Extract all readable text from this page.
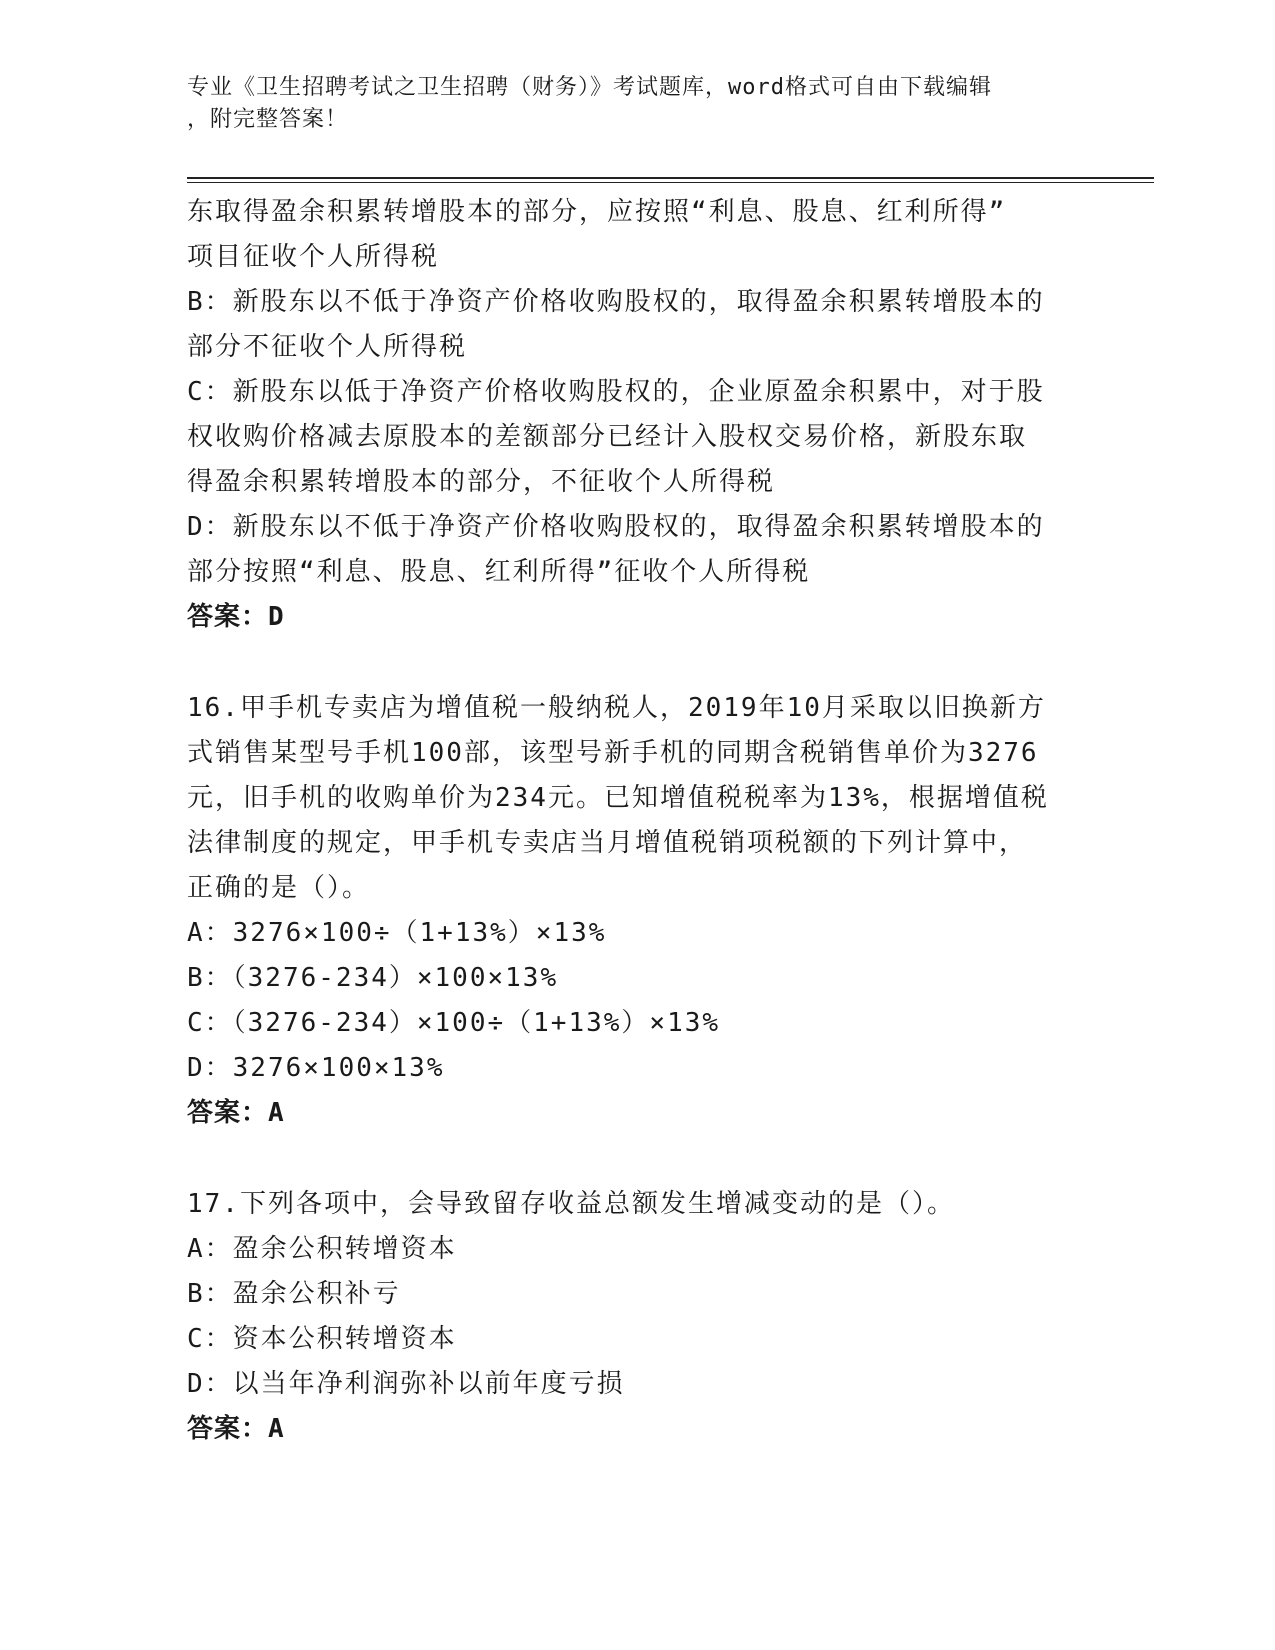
专业《卫生招聘考试之卫生招聘（财务）》考试题库，word格式可自由下载编辑
，附完整答案！

东取得盈余积累转增股本的部分，应按照“利息、股息、红利所得”

项目征收个人所得税

B：新股东以不低于净资产价格收购股权的，取得盈余积累转增股本的

部分不征收个人所得税

C：新股东以低于净资产价格收购股权的，企业原盈余积累中，对于股

权收购价格减去原股本的差额部分已经计入股权交易价格，新股东取

得盈余积累转增股本的部分，不征收个人所得税

D：新股东以不低于净资产价格收购股权的，取得盈余积累转增股本的

部分按照“利息、股息、红利所得”征收个人所得税

答案：D

16.甲手机专卖店为增值税一般纳税人，2019年10月采取以旧换新方

式销售某型号手机100部，该型号新手机的同期含税销售单价为3276

元，旧手机的收购单价为234元。已知增值税税率为13%，根据增值税

法律制度的规定，甲手机专卖店当月增值税销项税额的下列计算中，

正确的是（）。

A：3276×100÷（1+13%）×13%

B：（3276-234）×100×13%

C：（3276-234）×100÷（1+13%）×13%

D：3276×100×13%

答案：A

17.下列各项中，会导致留存收益总额发生增减变动的是（）。

A：盈余公积转增资本

B：盈余公积补亏

C：资本公积转增资本

D：以当年净利润弥补以前年度亏损

答案：A
